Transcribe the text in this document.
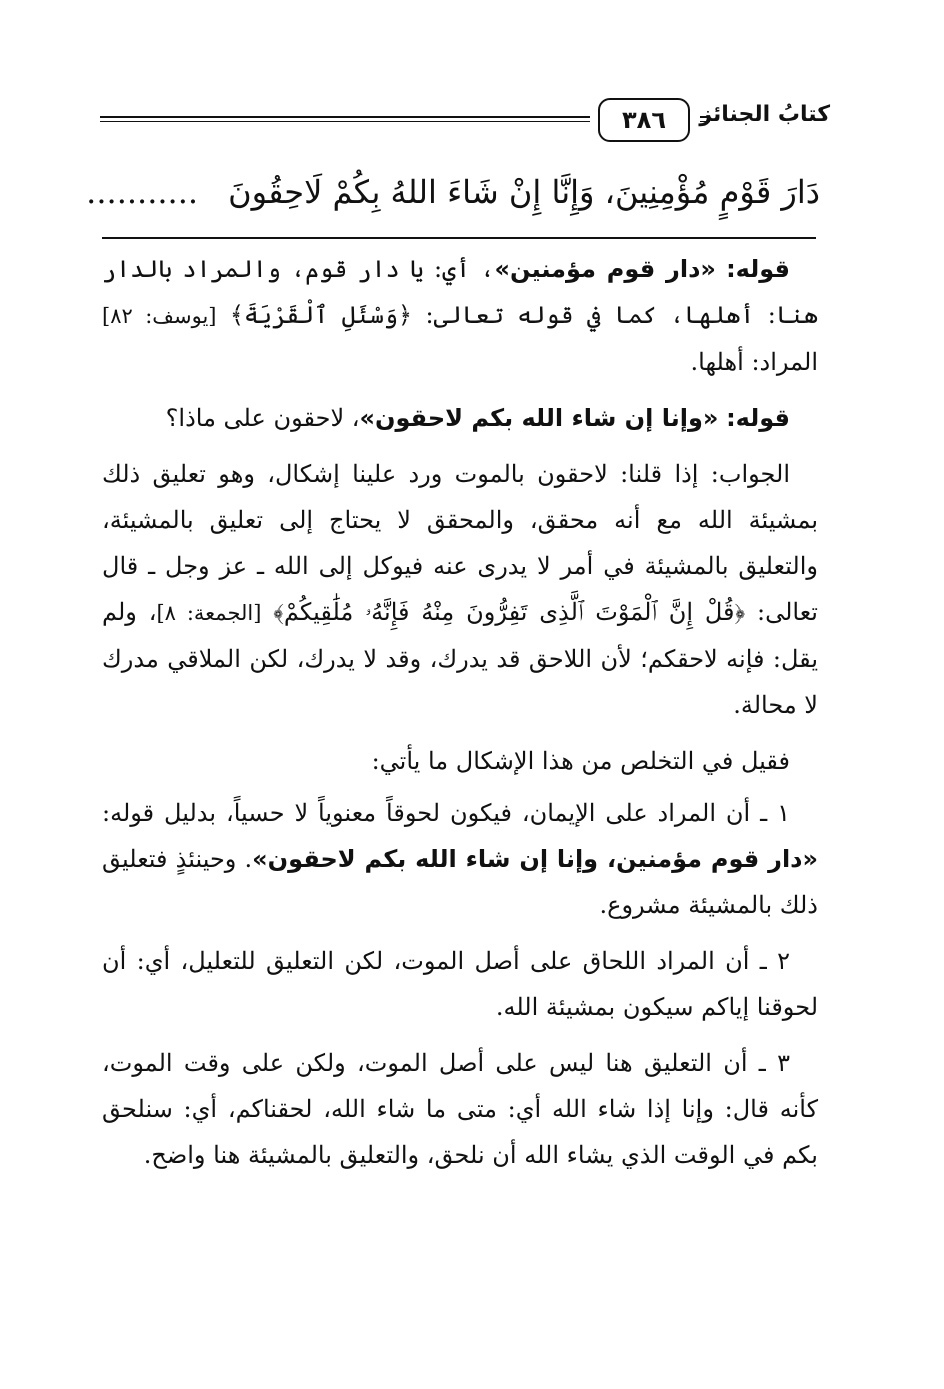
كتابُ الجنائز
٣٨٦
دَارَ قَوْمٍ مُؤْمِنِينَ، وَإِنَّا إِنْ شَاءَ اللهُ بِكُمْ لَاحِقُونَ...........

قوله: «دار قوم مؤمنين»، أي: يا دار قوم، والمراد بالدار هنا: أهلها، كما في قوله تعالى: ﴿وَسْئَلِ ٱلْقَرْيَةَ﴾ [يوسف: ٨٢] المراد: أهلها.

قوله: «وإنا إن شاء الله بكم لاحقون»، لاحقون على ماذا؟

الجواب: إذا قلنا: لاحقون بالموت ورد علينا إشكال، وهو تعليق ذلك بمشيئة الله مع أنه محقق، والمحقق لا يحتاج إلى تعليق بالمشيئة، والتعليق بالمشيئة في أمر لا يدرى عنه فيوكل إلى الله ـ عز وجل ـ قال تعالى: ﴿قُلْ إِنَّ ٱلْمَوْتَ ٱلَّذِى تَفِرُّونَ مِنْهُ فَإِنَّهُۥ مُلَٰقِيكُمْ﴾ [الجمعة: ٨]، ولم يقل: فإنه لاحقكم؛ لأن اللاحق قد يدرك، وقد لا يدرك، لكن الملاقي مدرك لا محالة.

فقيل في التخلص من هذا الإشكال ما يأتي:

١ ـ أن المراد على الإيمان، فيكون لحوقاً معنوياً لا حسياً، بدليل قوله: «دار قوم مؤمنين، وإنا إن شاء الله بكم لاحقون». وحينئذٍ فتعليق ذلك بالمشيئة مشروع.

٢ ـ أن المراد اللحاق على أصل الموت، لكن التعليق للتعليل، أي: أن لحوقنا إياكم سيكون بمشيئة الله.

٣ ـ أن التعليق هنا ليس على أصل الموت، ولكن على وقت الموت، كأنه قال: وإنا إذا شاء الله أي: متى ما شاء الله، لحقناكم، أي: سنلحق بكم في الوقت الذي يشاء الله أن نلحق، والتعليق بالمشيئة هنا واضح.
